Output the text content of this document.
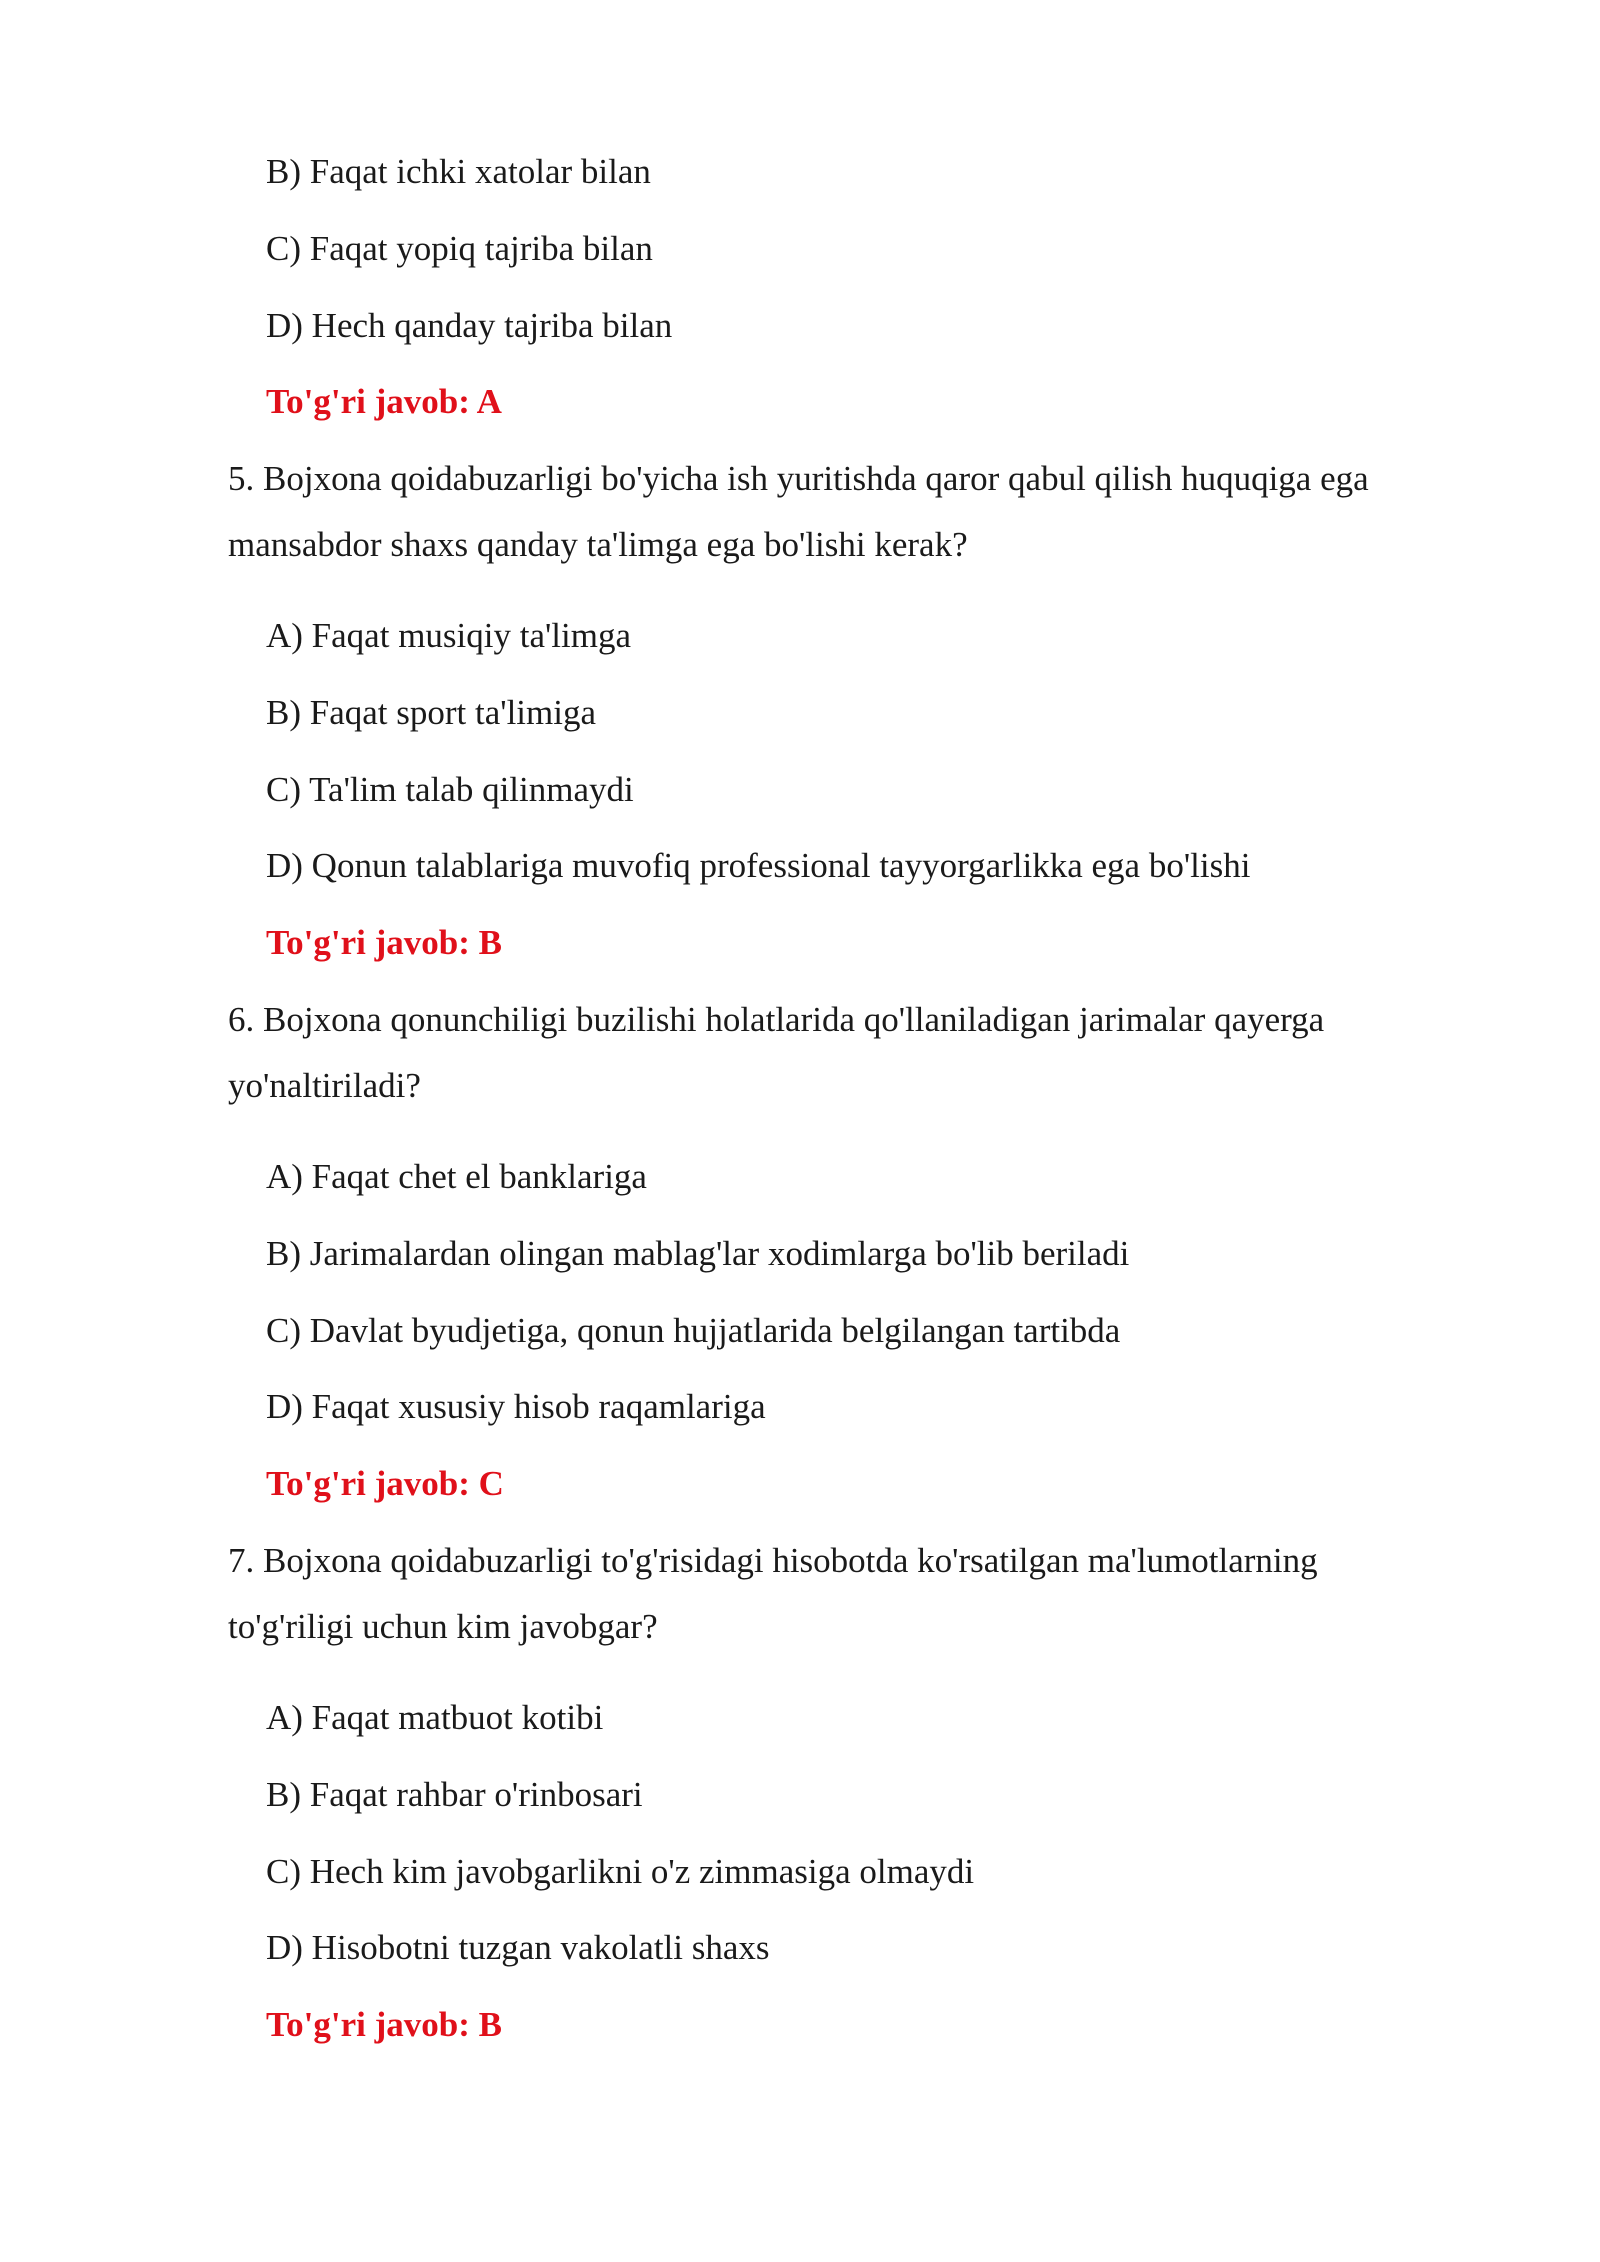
B) Faqat ichki xatolar bilan
C) Faqat yopiq tajriba bilan
D) Hech qanday tajriba bilan
To'g'ri javob: A
5. Bojxona qoidabuzarligi bo'yicha ish yuritishda qaror qabul qilish huquqiga ega
mansabdor shaxs qanday ta'limga ega bo'lishi kerak?
A) Faqat musiqiy ta'limga
B) Faqat sport ta'limiga
C) Ta'lim talab qilinmaydi
D) Qonun talablariga muvofiq professional tayyorgarlikka ega bo'lishi
To'g'ri javob: B
6. Bojxona qonunchiligi buzilishi holatlarida qo'llaniladigan jarimalar qayerga
yo'naltiriladi?
A) Faqat chet el banklariga
B) Jarimalardan olingan mablag'lar xodimlarga bo'lib beriladi
C) Davlat byudjetiga, qonun hujjatlarida belgilangan tartibda
D) Faqat xususiy hisob raqamlariga
To'g'ri javob: C
7. Bojxona qoidabuzarligi to'g'risidagi hisobotda ko'rsatilgan ma'lumotlarning
to'g'riligi uchun kim javobgar?
A) Faqat matbuot kotibi
B) Faqat rahbar o'rinbosari
C) Hech kim javobgarlikni o'z zimmasiga olmaydi
D) Hisobotni tuzgan vakolatli shaxs
To'g'ri javob: B
